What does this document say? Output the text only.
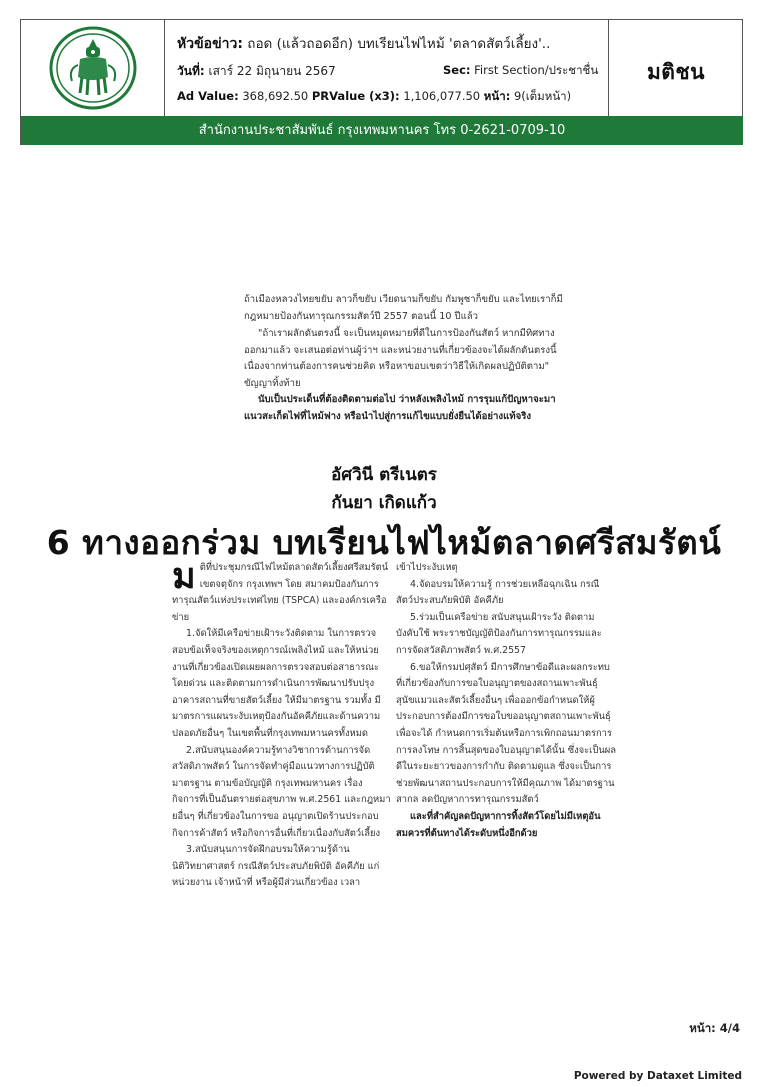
หัวข้อข่าว: ถอด (แล้วถอดอีก) บทเรียนไฟไหม้ 'ตลาดสัตว์เลี้ยง'..
วันที่: เสาร์ 22 มิถุนายน 2567	Sec: First Section/ประชาชื่น
Ad Value: 368,692.50 PRValue (x3): 1,106,077.50 หน้า: 9(เต็มหน้า)
มติชน
สำนักงานประชาสัมพันธ์ กรุงเทพมหานคร โทร 0-2621-0709-10

ถ้าเมืองหลวงไทยขยับ ลาวก็ขยับ เวียดนามก็ขยับ กัมพูชาก็ขยับ และไทยเราก็มีกฎหมายป้องกันทารุณกรรมสัตว์ปี 2557 ตอนนี้ 10 ปีแล้ว

"ถ้าเราผลักดันตรงนี้ จะเป็นหมุดหมายที่ดีในการป้องกันสัตว์ หากมีทิศทางออกมาแล้ว จะเสนอต่อท่านผู้ว่าฯ และหน่วยงานที่เกี่ยวข้องจะได้ผลักดันตรงนี้ เนื่องจากท่านต้องการคนช่วยคิด หรือหาขอบเขตว่าวิธีให้เกิดผลปฏิบัติตาม" ขัญญาทิ้งท้าย

นับเป็นประเด็นที่ต้องติดตามต่อไป ว่าหลังเพลิงไหม้ การรุมแก้ปัญหาจะมาแนวสะเก็ดไฟที่ไหม้ฟาง หรือนำไปสู่การแก้ไขแบบยั่งยืนได้อย่างแท้จริง

อัศวินี ตรีเนตร
กันยา เกิดแก้ว
6 ทางออกร่วม บทเรียนไฟไหม้ตลาดศรีสมรัตน์

มติที่ประชุมกรณีไฟไหม้ตลาดสัตว์เลี้ยงศรีสมรัตน์ เขตจตุจักร กรุงเทพฯ โดย สมาคมป้องกันการทารุณสัตว์แห่งประเทศไทย (TSPCA) และองค์กรเครือข่าย

1.จัดให้มีเครือข่ายเฝ้าระวังติดตาม ในการตรวจสอบข้อเท็จจริงของเหตุการณ์เพลิงไหม้ และให้หน่วยงานที่เกี่ยวข้องเปิดเผยผลการตรวจสอบต่อสาธารณะโดยด่วน และติดตามการดำเนินการพัฒนาปรับปรุงอาคารสถานที่ขายสัตว์เลี้ยง ให้มีมาตรฐาน รวมทั้ง มีมาตรการแผนระงับเหตุป้องกันอัคคีภัยและด้านความปลอดภัยอื่นๆ ในเขตพื้นที่กรุงเทพมหานครทั้งหมด

2.สนับสนุนองค์ความรู้ทางวิชาการด้านการจัดสวัสดิภาพสัตว์ ในการจัดทำคู่มือแนวทางการปฏิบัติมาตรฐาน ตามข้อบัญญัติ กรุงเทพมหานคร เรื่อง กิจการที่เป็นอันตรายต่อสุขภาพ พ.ศ.2561 และกฎหมายอื่นๆ ที่เกี่ยวข้องในการขอ อนุญาตเปิดร้านประกอบกิจการค้าสัตว์ หรือกิจการอื่นที่เกี่ยวเนื่องกับสัตว์เลี้ยง

3.สนับสนุนการจัดฝึกอบรมให้ความรู้ด้านนิติวิทยาศาสตร์ กรณีสัตว์ประสบภัยพิบัติ อัคคีภัย แก่หน่วยงาน เจ้าหน้าที่ หรือผู้มีส่วนเกี่ยวข้อง เวลา

เข้าไประงับเหตุ

4.จัดอบรมให้ความรู้ การช่วยเหลือฉุกเฉิน กรณีสัตว์ประสบภัยพิบัติ อัคคีภัย

5.ร่วมเป็นเครือข่าย สนับสนุนเฝ้าระวัง ติดตามบังคับใช้ พระราชบัญญัติป้องกันการทารุณกรรมและการจัดสวัสดิภาพสัตว์ พ.ศ.2557

6.ขอให้กรมปศุสัตว์ มีการศึกษาข้อดีและผลกระทบที่เกี่ยวข้องกับการขอใบอนุญาตของสถานเพาะพันธุ์ สุนัขแมวและสัตว์เลี้ยงอื่นๆ เพื่อออกข้อกำหนดให้ผู้ประกอบการต้องมีการขอใบขออนุญาตสถานเพาะพันธุ์เพื่อจะได้ กำหนดการเริ่มต้นหรือการเพิกถอนมาตรการการลงโทษ การสิ้นสุดของใบอนุญาตได้นั้น ซึ่งจะเป็นผลดีในระยะยาวของการกำกับ ติดตามดูแล ซึ่งจะเป็นการช่วยพัฒนาสถานประกอบการให้มีคุณภาพ ได้มาตรฐานสากล ลดปัญหาการทารุณกรรมสัตว์

และที่สำคัญลดปัญหาการทิ้งสัตว์โดยไม่มีเหตุอันสมควรที่ต้นทางได้ระดับหนึ่งอีกด้วย

หน้า: 4/4
Powered by Dataxet Limited
